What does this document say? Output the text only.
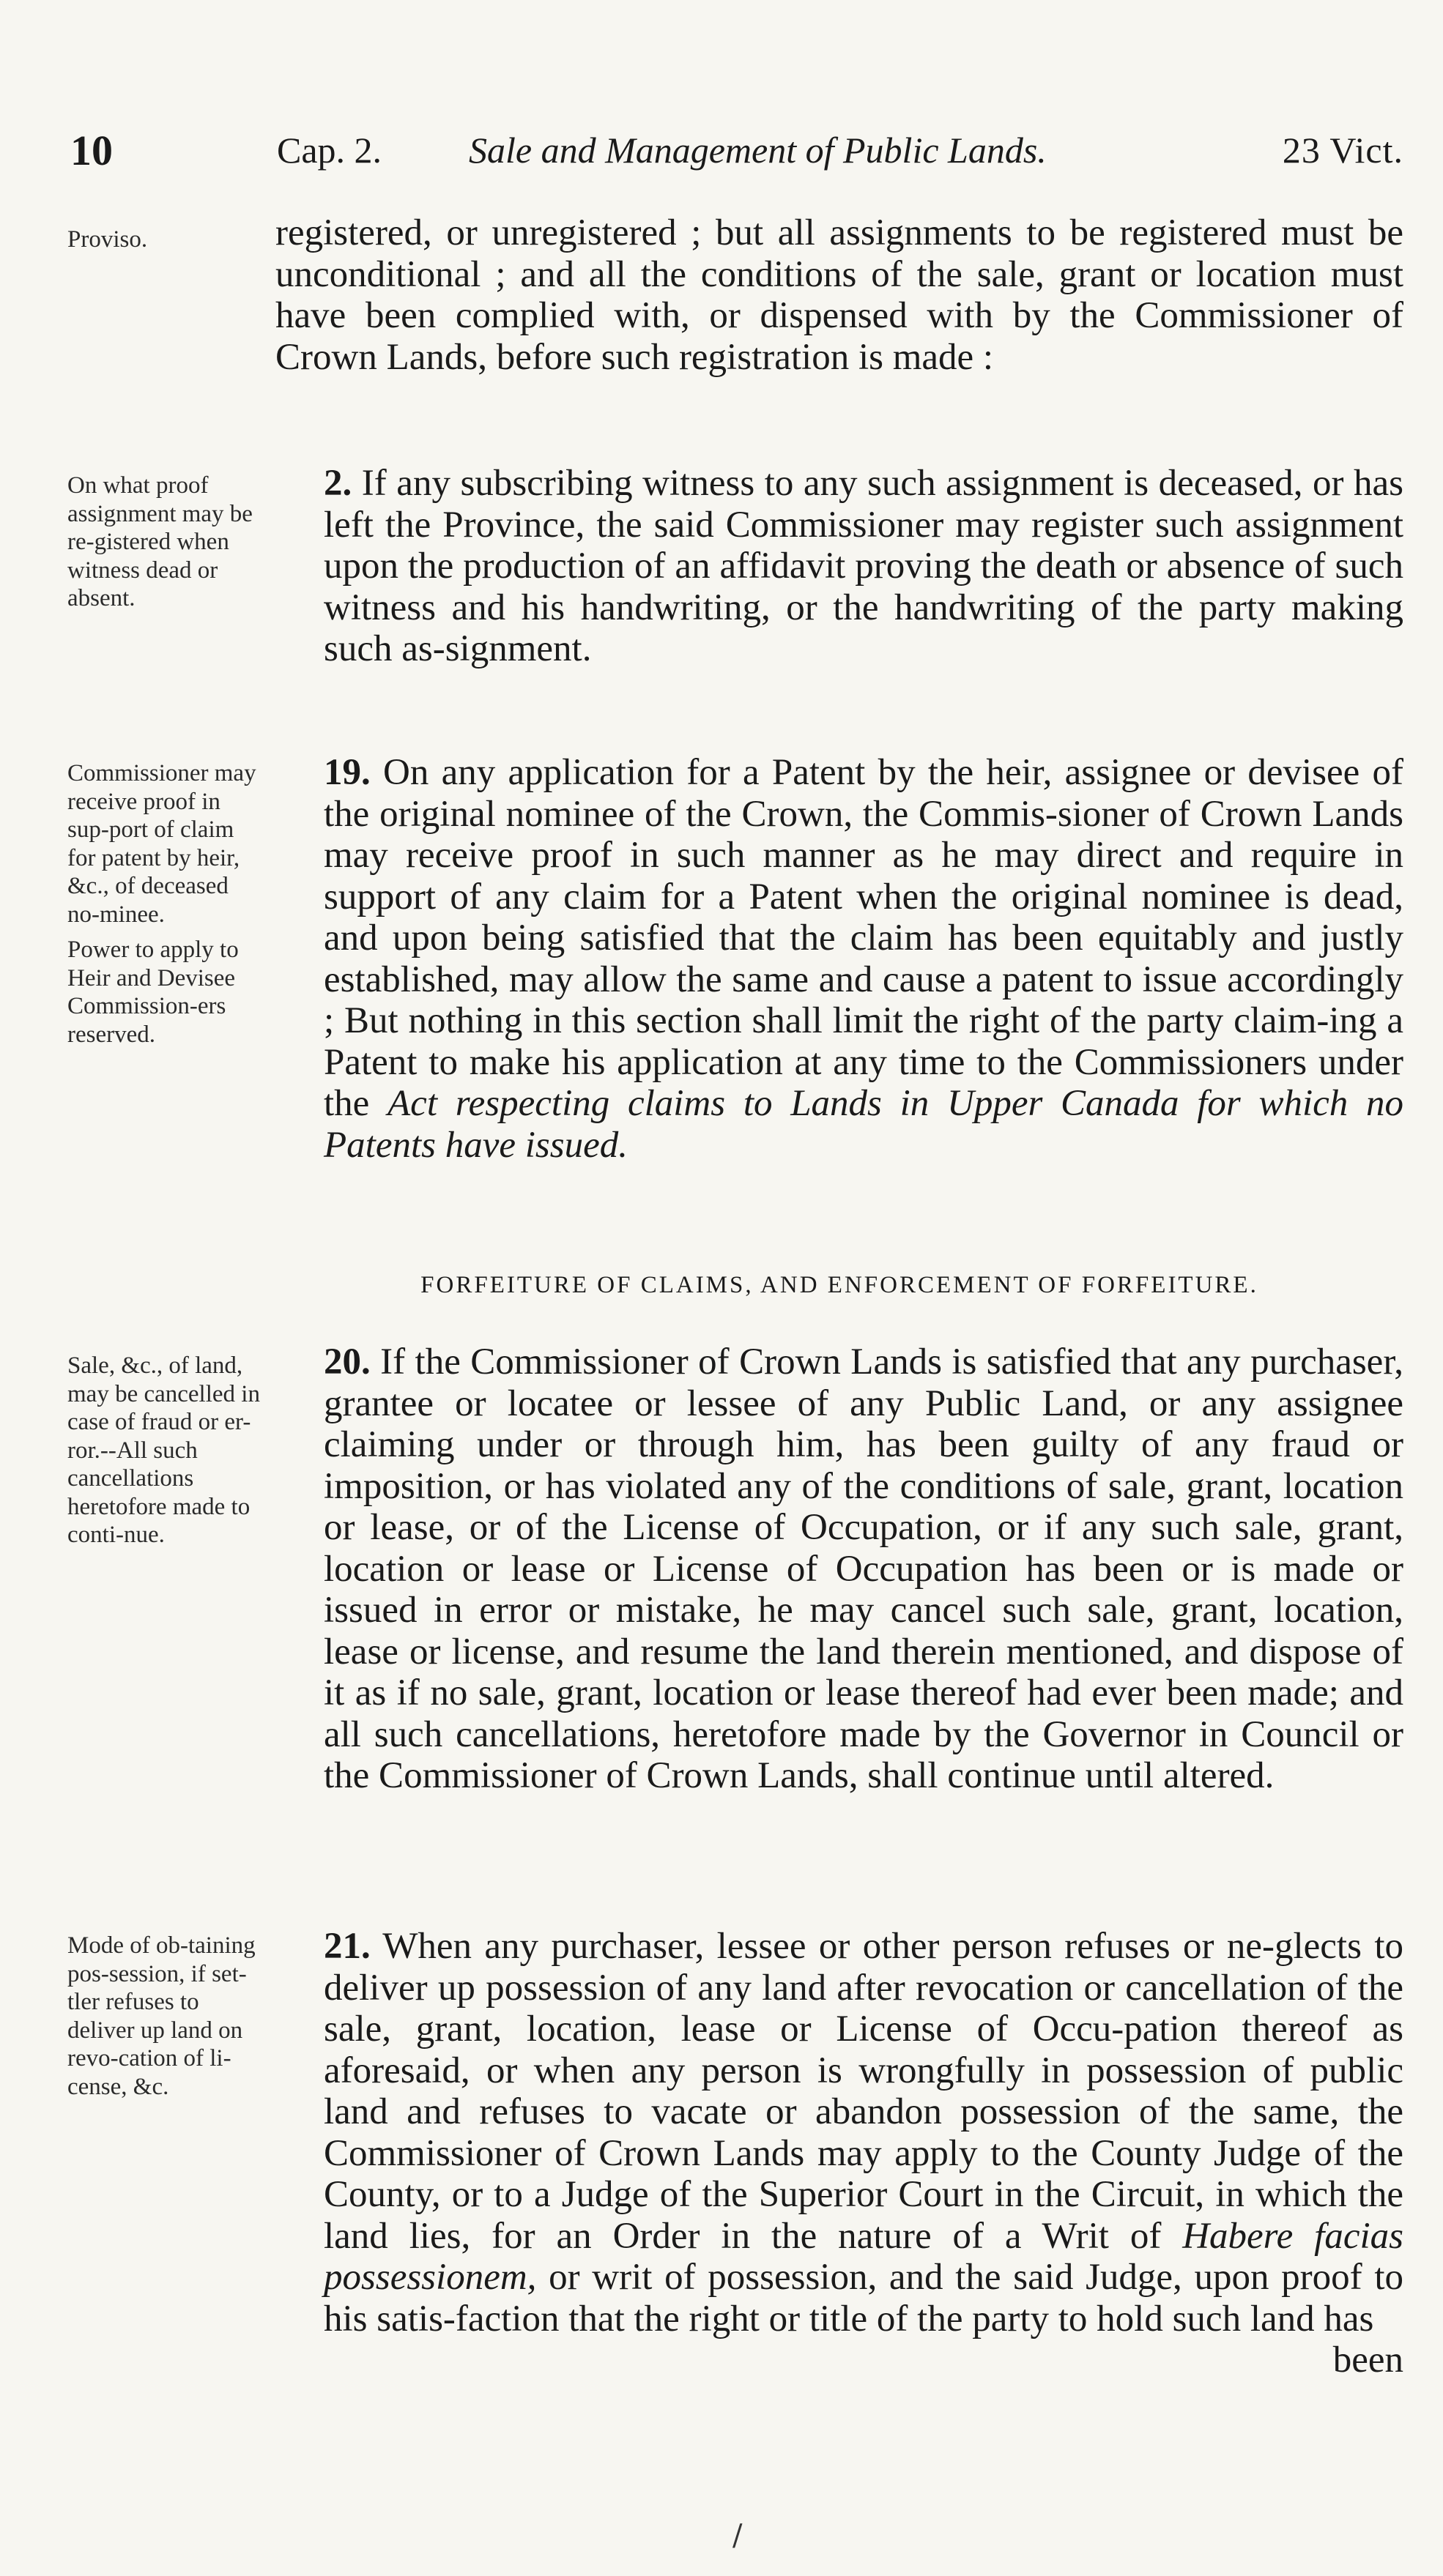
10	Cap. 2. Sale and Management of Public Lands.	23 Vict.

Proviso.	registered, or unregistered ; but all assignments to be registered must be unconditional ; and all the conditions of the sale, grant or location must have been complied with, or dispensed with by the Commissioner of Crown Lands, before such registration is made :

On what proof assignment may be re-gistered when witness dead or absent.

2. If any subscribing witness to any such assignment is deceased, or has left the Province, the said Commissioner may register such assignment upon the production of an affidavit proving the death or absence of such witness and his handwriting, or the handwriting of the party making such as-signment.

Commissioner may receive proof in sup-port of claim for patent by heir, &c., of deceased no-minee.

Power to apply to Heir and Devisee Commission-ers reserved.

19. On any application for a Patent by the heir, assignee or devisee of the original nominee of the Crown, the Commis-sioner of Crown Lands may receive proof in such manner as he may direct and require in support of any claim for a Patent when the original nominee is dead, and upon being satisfied that the claim has been equitably and justly established, may allow the same and cause a patent to issue accordingly ; But nothing in this section shall limit the right of the party claim-ing a Patent to make his application at any time to the Commissioners under the Act respecting claims to Lands in Upper Canada for which no Patents have issued.

FORFEITURE OF CLAIMS, AND ENFORCEMENT OF FORFEITURE.

Sale, &c., of land, may be cancelled in case of fraud or er-ror.--All such cancellations heretofore made to conti-nue.

20. If the Commissioner of Crown Lands is satisfied that any purchaser, grantee or locatee or lessee of any Public Land, or any assignee claiming under or through him, has been guilty of any fraud or imposition, or has violated any of the conditions of sale, grant, location or lease, or of the License of Occupation, or if any such sale, grant, location or lease or License of Occupation has been or is made or issued in error or mistake, he may cancel such sale, grant, location, lease or license, and resume the land therein mentioned, and dispose of it as if no sale, grant, location or lease thereof had ever been made; and all such cancellations, heretofore made by the Governor in Council or the Commissioner of Crown Lands, shall continue until altered.

Mode of ob-taining pos-session, if set-tler refuses to deliver up land on revo-cation of li-cense, &c.

21. When any purchaser, lessee or other person refuses or ne-glects to deliver up possession of any land after revocation or cancellation of the sale, grant, location, lease or License of Occu-pation thereof as aforesaid, or when any person is wrongfully in possession of public land and refuses to vacate or abandon possession of the same, the Commissioner of Crown Lands may apply to the County Judge of the County, or to a Judge of the Superior Court in the Circuit, in which the land lies, for an Order in the nature of a Writ of Habere facias possessionem, or writ of possession, and the said Judge, upon proof to his satis-faction that the right or title of the party to hold such land has

been

/
